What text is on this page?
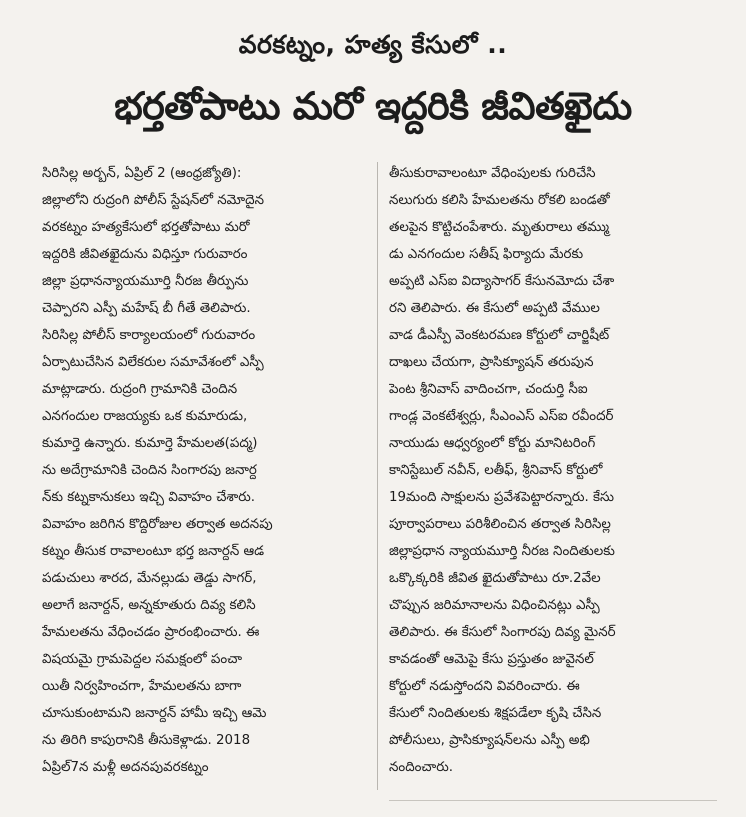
వరకట్నం, హత్య కేసులో ..
భర్తతోపాటు మరో ఇద్దరికి జీవితఖైదు
సిరిసిల్ల అర్బన్, ఏప్రిల్ 2 (ఆంధ్రజ్యోతి):
జిల్లాలోని రుద్రంగి పోలీస్ స్టేషన్‌లో నమోదైన
వరకట్నం హత్యకేసులో భర్తతోపాటు మరో
ఇద్దరికి జీవితఖైదును విధిస్తూ గురువారం
జిల్లా ప్రధానన్యాయమూర్తి నీరజ తీర్పును
చెప్పారని ఎస్పీ మహేష్ బీ గీతే తెలిపారు.
సిరిసిల్ల పోలీస్ కార్యాలయంలో గురువారం
ఏర్పాటుచేసిన విలేకరుల సమావేశంలో ఎస్పీ
మాట్లాడారు. రుద్రంగి గ్రామానికి చెందిన
ఎనగందుల రాజయ్యకు ఒక కుమారుడు,
కుమార్తె ఉన్నారు. కుమార్తె హేమలత(పద్మ)
ను అదేగ్రామానికి చెందిన సింగారపు జనార్ద
న్‌కు కట్నకానుకలు ఇచ్చి వివాహం చేశారు.
వివాహం జరిగిన కొద్దిరోజుల తర్వాత అదనపు
కట్నం తీసుక రావాలంటూ భర్త జనార్దన్ ఆడ
పడుచులు శారద, మేనల్లుడు తెడ్డు సాగర్,
అలాగే జనార్దన్, అన్నకూతురు దివ్య కలిసి
హేమలతను వేధించడం ప్రారంభించారు. ఈ
విషయమై గ్రామపెద్దల సమక్షంలో పంచా
యితీ నిర్వహించగా, హేమలతను బాగా
చూసుకుంటామని జనార్దన్ హామీ ఇచ్చి ఆమె
ను తిరిగి కాపురానికి తీసుకెళ్లాడు. 2018
ఏప్రిల్‌7న మళ్లీ అదనపువరకట్నం
తీసుకురావాలంటూ వేధింపులకు గురిచేసి
నలుగురు కలిసి హేమలతను రోకలి బండతో
తలపైన కొట్టిచంపేశారు. మృతురాలు తమ్ము
డు ఎనగందుల సతీష్ ఫిర్యాదు మేరకు
అప్పటి ఎస్ఐ విద్యాసాగర్ కేసునమోదు చేశా
రని తెలిపారు. ఈ కేసులో అప్పటి వేముల
వాడ డీఎస్పీ వెంకటరమణ కోర్టులో చార్జిషీట్
దాఖలు చేయగా, ప్రాసిక్యూషన్ తరుపున
పెంట శ్రీనివాస్ వాదించగా, చందుర్తి సీఐ
గాండ్ల వెంకటేశ్వర్లు, సీఎంఎస్ ఎస్ఐ రవీందర్
నాయుడు ఆధ్వర్యంలో కోర్టు మానిటరింగ్
కానిస్టేబుల్ నవీన్, లతీఫ్, శ్రీనివాస్ కోర్టులో
19మంది సాక్షులను ప్రవేశపెట్టారన్నారు. కేసు
పూర్వాపరాలు పరిశీలించిన తర్వాత సిరిసిల్ల
జిల్లాప్రధాన న్యాయమూర్తి నీరజ నిందితులకు
ఒక్కొక్కరికి జీవిత ఖైదుతోపాటు రూ.2వేల
చొప్పున జరిమానాలను విధించినట్లు ఎస్పీ
తెలిపారు. ఈ కేసులో సింగారపు దివ్య మైనర్
కావడంతో ఆమెపై కేసు ప్రస్తుతం జువైనల్
కోర్టులో నడుస్తోందని వివరించారు. ఈ
కేసులో నిందితులకు శిక్షపడేలా కృషి చేసిన
పోలీసులు, ప్రాసిక్యూషన్‌లను ఎస్పీ అభి
నందించారు.
